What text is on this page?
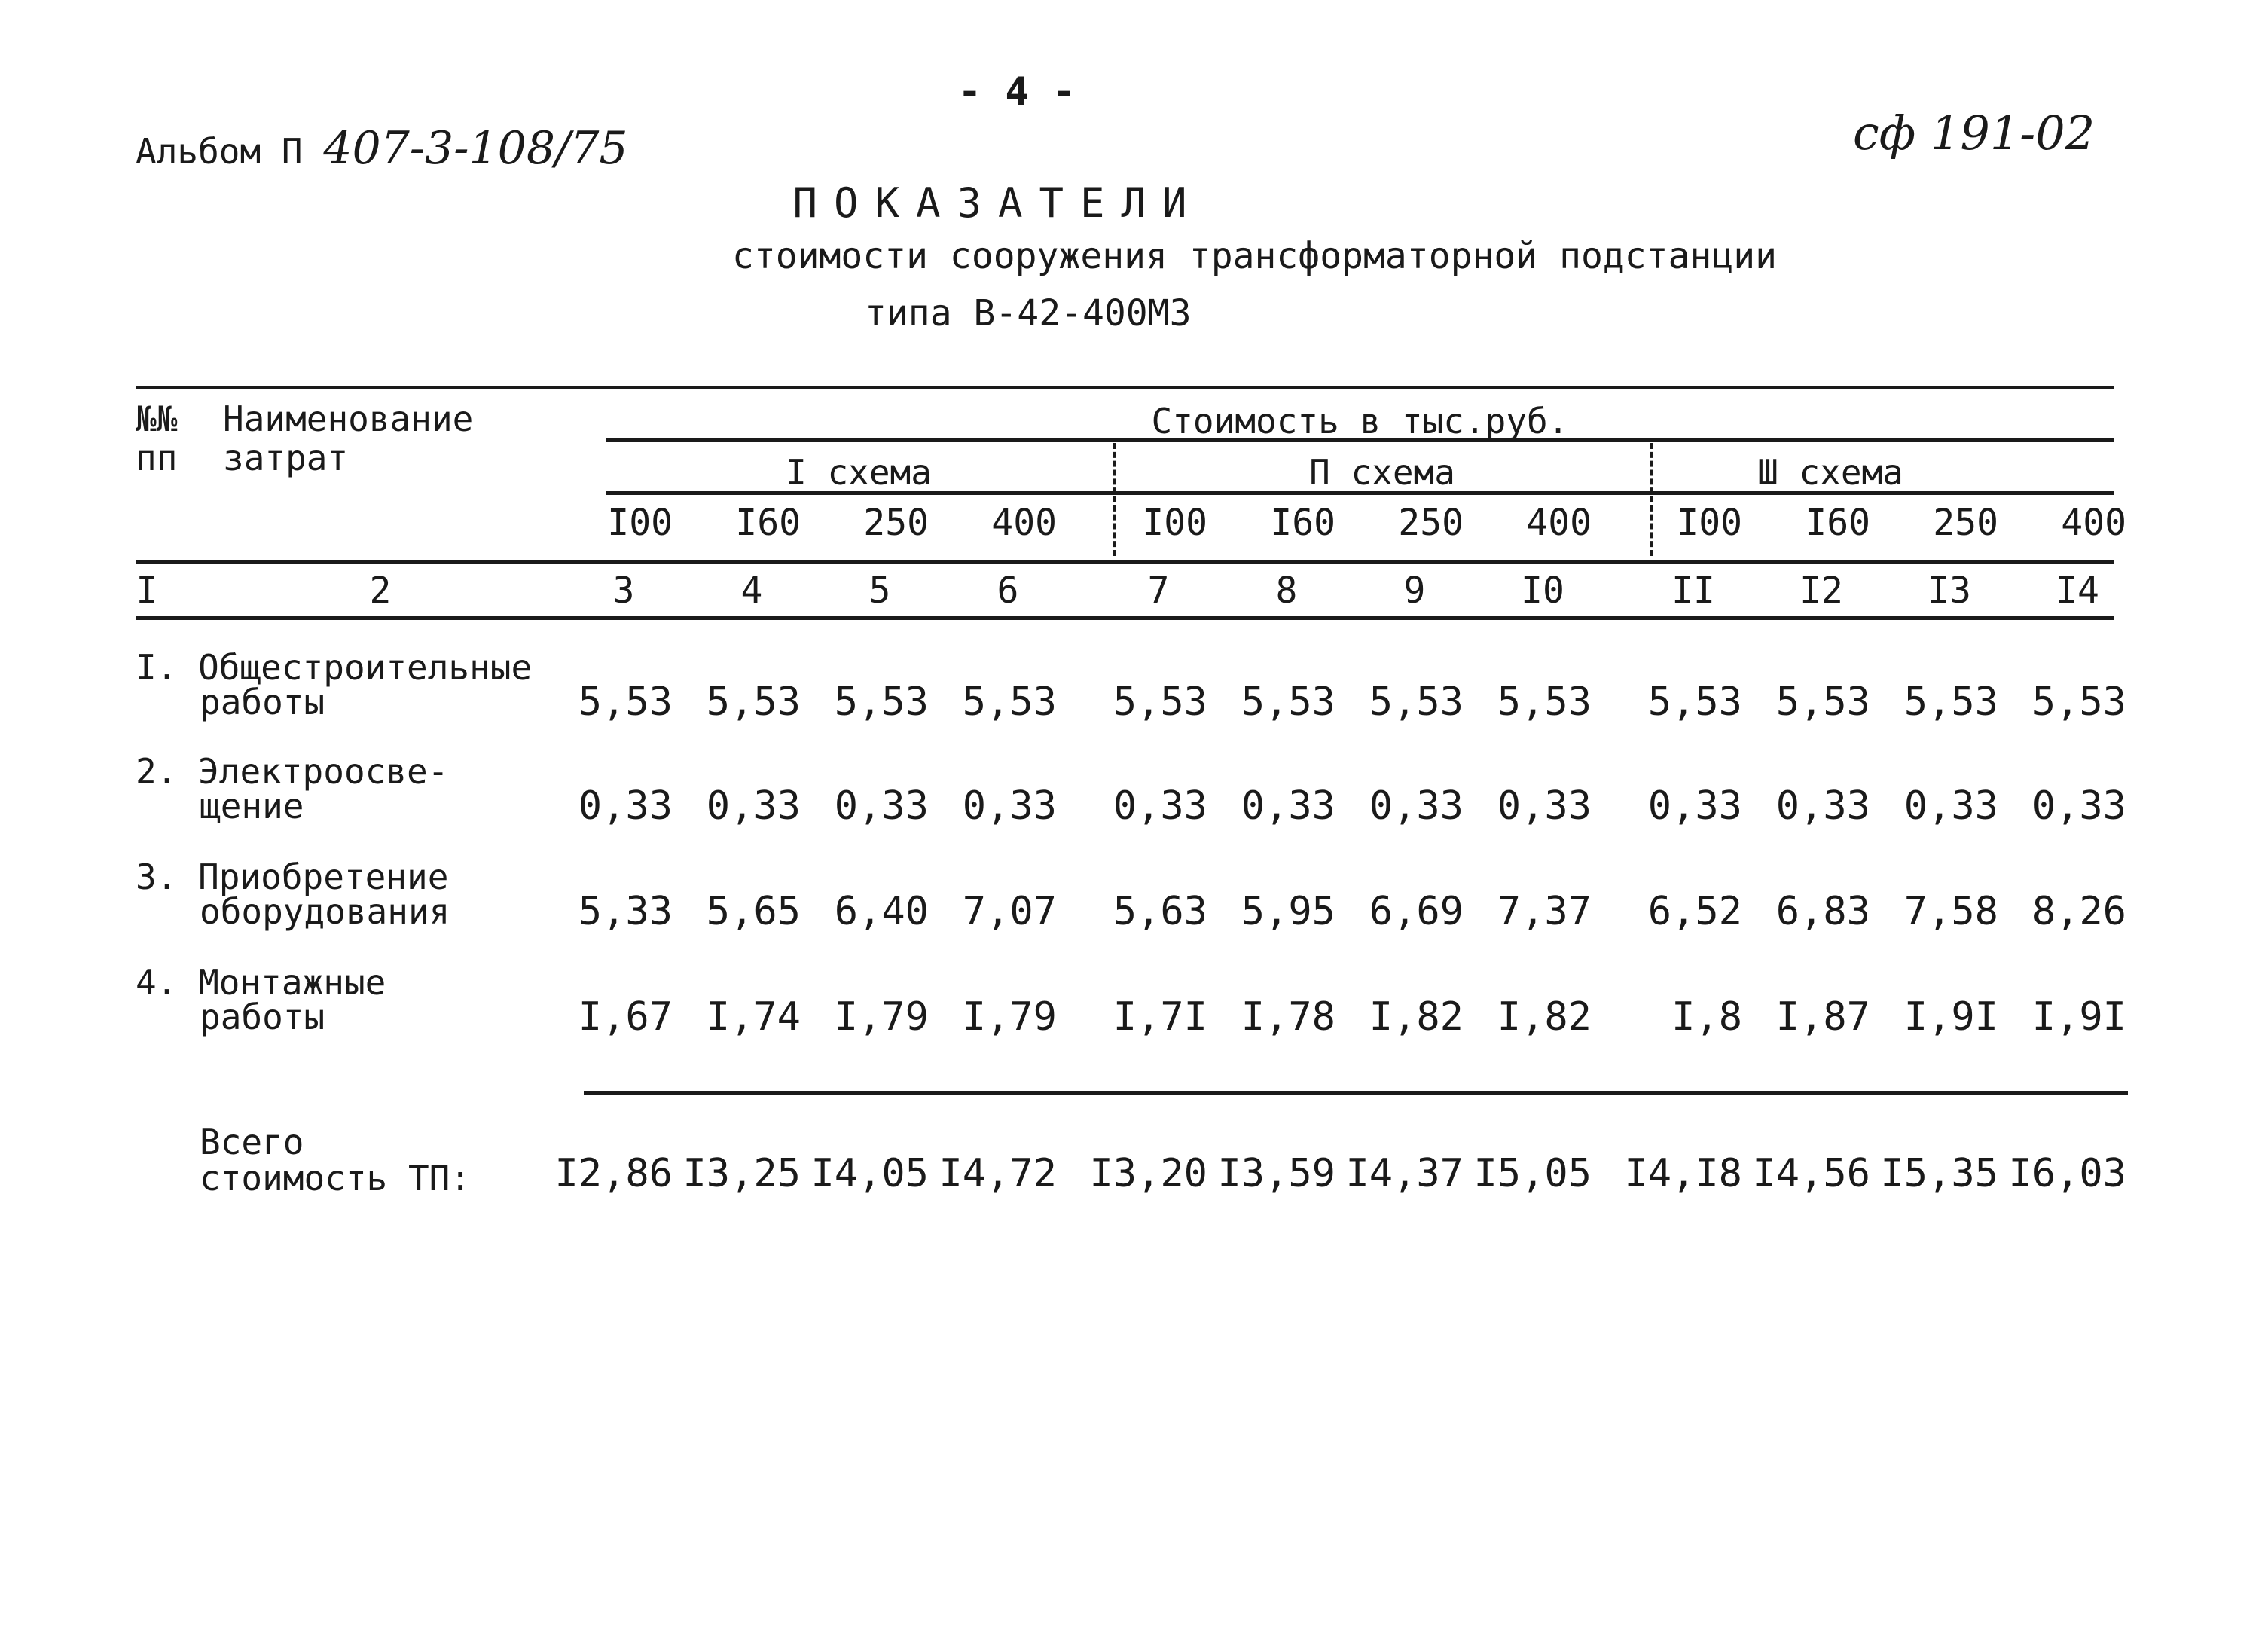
- 4 -
Альбом П 407-3-108/75	сф 191-02
ПОКАЗАТЕЛИ
стоимости сооружения трансформаторной подстанции
типа В-42-400МЗ
№№ пп
Наименование затрат
Стоимость в тыс.руб.
I схема	П схема	Ш схема
I00	I60	250	400	I00	I60	250	400	I00	I60	250	400
I	2	3	4	5	6	7	8	9	I0	II	I2	I3	I4
I. Общестроительные
работы	5,53 5,53 5,53 5,53	5,53 5,53 5,53 5,53	5,53 5,53 5,53 5,53
2. Электроосве-
щение	0,33 0,33 0,33 0,33	0,33 0,33 0,33 0,33	0,33 0,33 0,33 0,33
3. Приобретение
оборудования	5,33 5,65 6,40 7,07	5,63 5,95 6,69 7,37	6,52 6,83 7,58 8,26
4. Монтажные
работы	I,67 I,74 I,79 I,79	I,7I I,78 I,82 I,82	I,8 I,87 I,9I I,9I
Всего
стоимость ТП:	I2,86 I3,25 I4,05 I4,72 I3,20 I3,59 I4,37 I5,05 I4,I8 I4,56 I5,35 I6,03
